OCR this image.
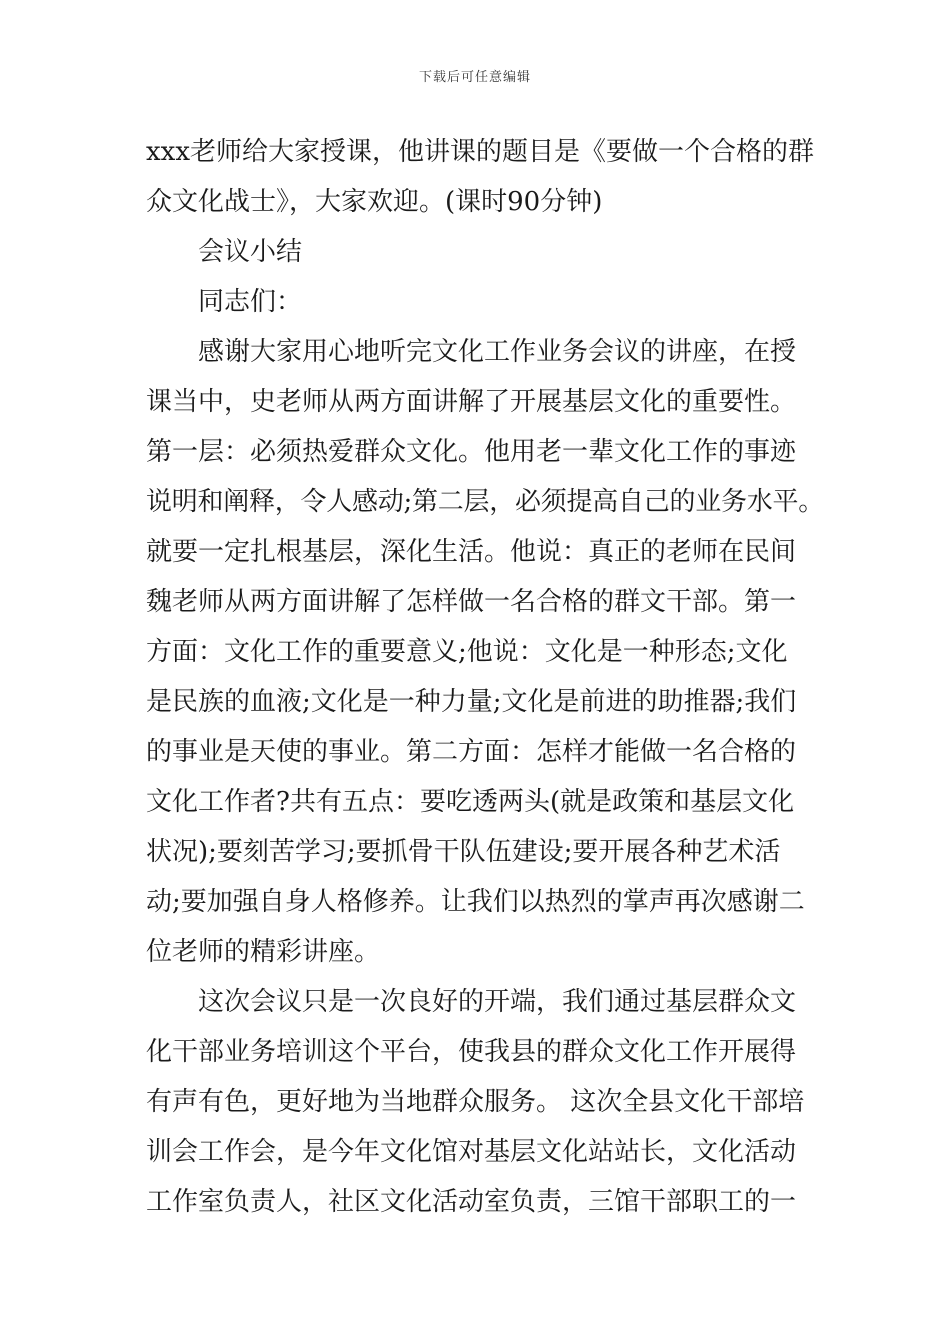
下载后可任意编辑
xxx老师给大家授课，他讲课的题目是《要做一个合格的群
众文化战士》，大家欢迎。(课时90分钟)
会议小结
同志们：
感谢大家用心地听完文化工作业务会议的讲座，在授
课当中，史老师从两方面讲解了开展基层文化的重要性。
第一层：必须热爱群众文化。他用老一辈文化工作的事迹
说明和阐释，令人感动;第二层，必须提高自己的业务水平。
就要一定扎根基层，深化生活。他说：真正的老师在民间
魏老师从两方面讲解了怎样做一名合格的群文干部。第一
方面：文化工作的重要意义;他说：文化是一种形态;文化
是民族的血液;文化是一种力量;文化是前进的助推器;我们
的事业是天使的事业。第二方面：怎样才能做一名合格的
文化工作者?共有五点：要吃透两头(就是政策和基层文化
状况);要刻苦学习;要抓骨干队伍建设;要开展各种艺术活
动;要加强自身人格修养。让我们以热烈的掌声再次感谢二
位老师的精彩讲座。
这次会议只是一次良好的开端，我们通过基层群众文
化干部业务培训这个平台，使我县的群众文化工作开展得
有声有色，更好地为当地群众服务。 这次全县文化干部培
训会工作会，是今年文化馆对基层文化站站长，文化活动
工作室负责人，社区文化活动室负责，三馆干部职工的一
